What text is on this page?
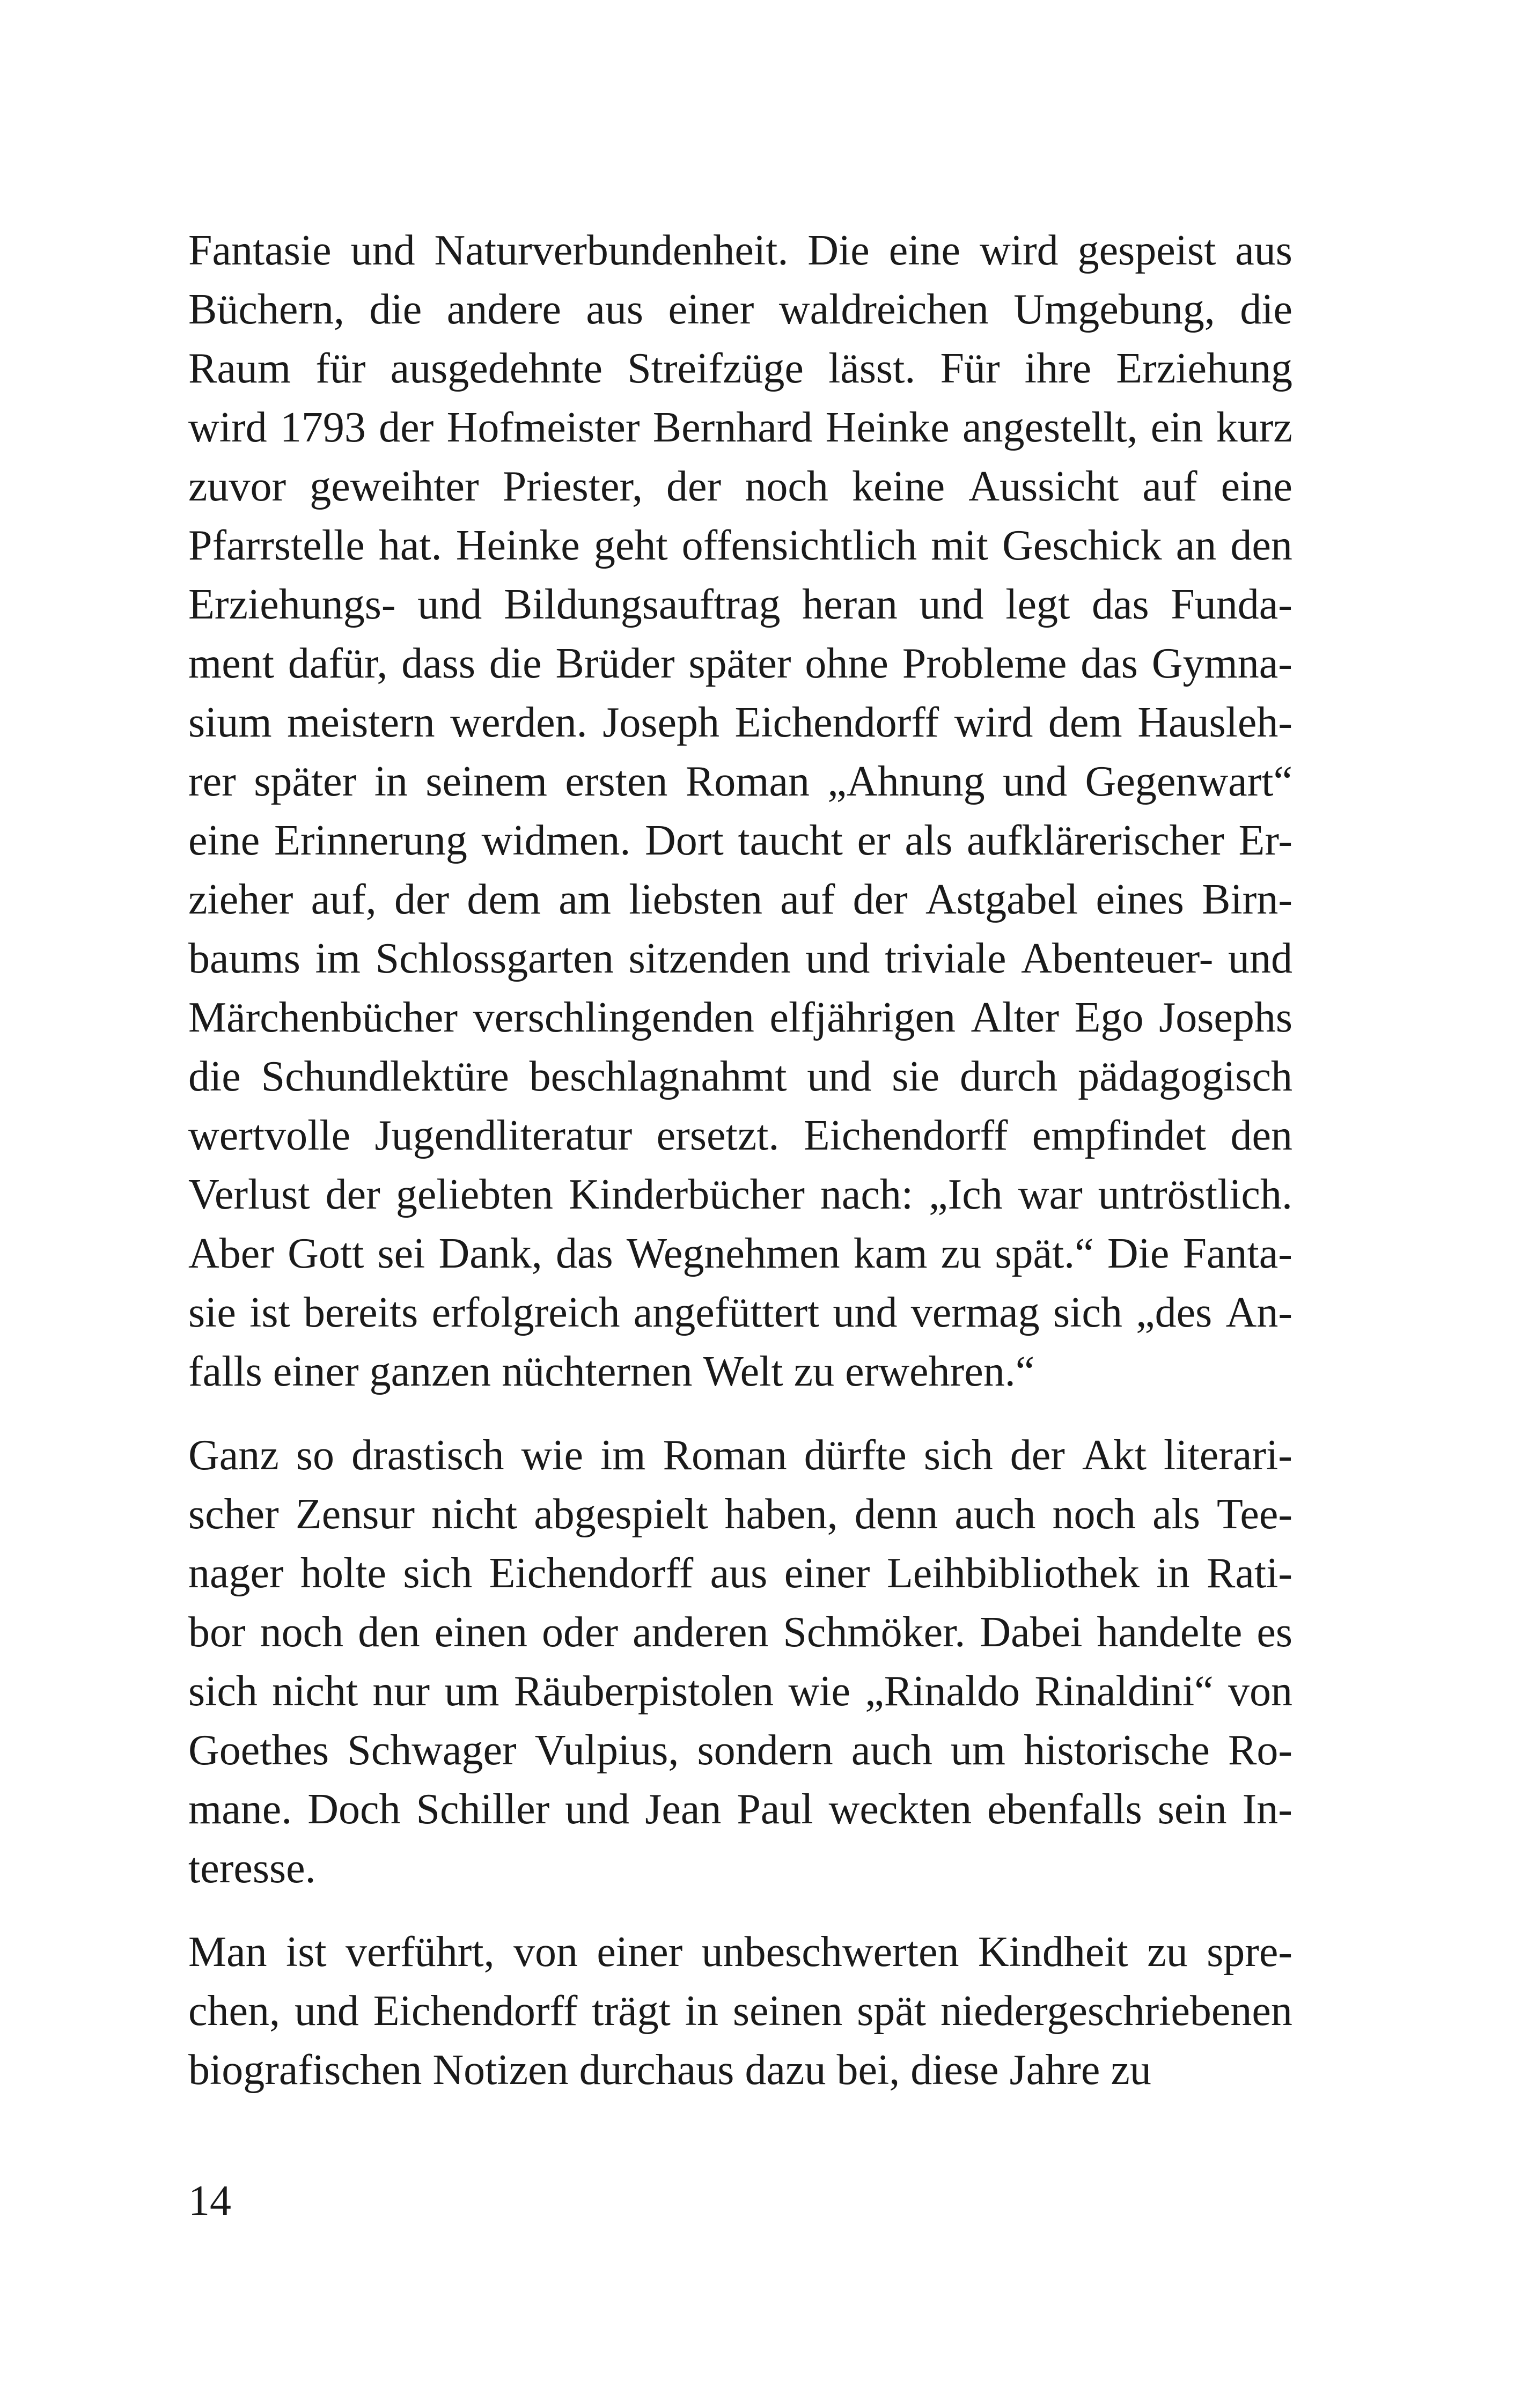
Fantasie und Naturverbundenheit. Die eine wird gespeist aus
Büchern, die andere aus einer waldreichen Umgebung, die
Raum für ausgedehnte Streifzüge lässt. Für ihre Erziehung
wird 1793 der Hofmeister Bernhard Heinke angestellt, ein kurz
zuvor geweihter Priester, der noch keine Aussicht auf eine
Pfarrstelle hat. Heinke geht offensichtlich mit Geschick an den
Erziehungs- und Bildungsauftrag heran und legt das Funda-
ment dafür, dass die Brüder später ohne Probleme das Gymna-
sium meistern werden. Joseph Eichendorff wird dem Hausleh-
rer später in seinem ersten Roman „Ahnung und Gegenwart“
eine Erinnerung widmen. Dort taucht er als aufklärerischer Er-
zieher auf, der dem am liebsten auf der Astgabel eines Birn-
baums im Schlossgarten sitzenden und triviale Abenteuer- und
Märchenbücher verschlingenden elfjährigen Alter Ego Josephs
die Schundlektüre beschlagnahmt und sie durch pädagogisch
wertvolle Jugendliteratur ersetzt. Eichendorff empfindet den
Verlust der geliebten Kinderbücher nach: „Ich war untröstlich.
Aber Gott sei Dank, das Wegnehmen kam zu spät.“ Die Fanta-
sie ist bereits erfolgreich angefüttert und vermag sich „des An-
falls einer ganzen nüchternen Welt zu erwehren.“
Ganz so drastisch wie im Roman dürfte sich der Akt literari-
scher Zensur nicht abgespielt haben, denn auch noch als Tee-
nager holte sich Eichendorff aus einer Leihbibliothek in Rati-
bor noch den einen oder anderen Schmöker. Dabei handelte es
sich nicht nur um Räuberpistolen wie „Rinaldo Rinaldini“ von
Goethes Schwager Vulpius, sondern auch um historische Ro-
mane. Doch Schiller und Jean Paul weckten ebenfalls sein In-
teresse.
Man ist verführt, von einer unbeschwerten Kindheit zu spre-
chen, und Eichendorff trägt in seinen spät niedergeschriebenen
biografischen Notizen durchaus dazu bei, diese Jahre zu
14
